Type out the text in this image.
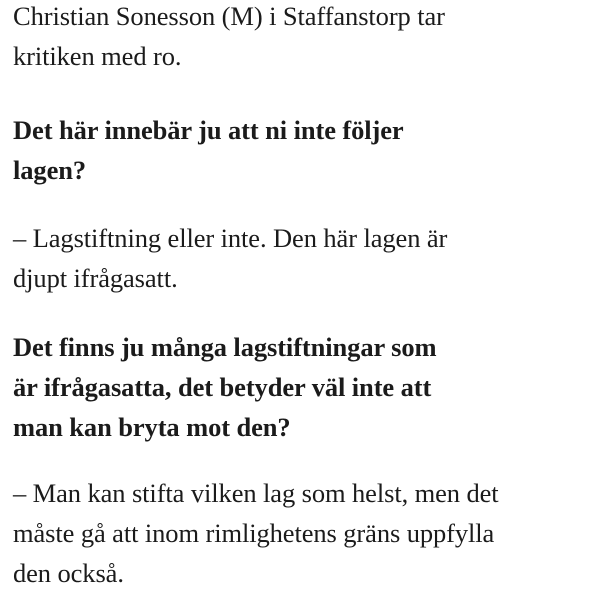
Christian Sonesson (M) i Staffanstorp tar
kritiken med ro.

Det här innebär ju att ni inte följer
lagen?

– Lagstiftning eller inte. Den här lagen är
djupt ifrågasatt.

Det finns ju många lagstiftningar som
är ifrågasatta, det betyder väl inte att
man kan bryta mot den?

– Man kan stifta vilken lag som helst, men det
måste gå att inom rimlighetens gräns uppfylla
den också.
